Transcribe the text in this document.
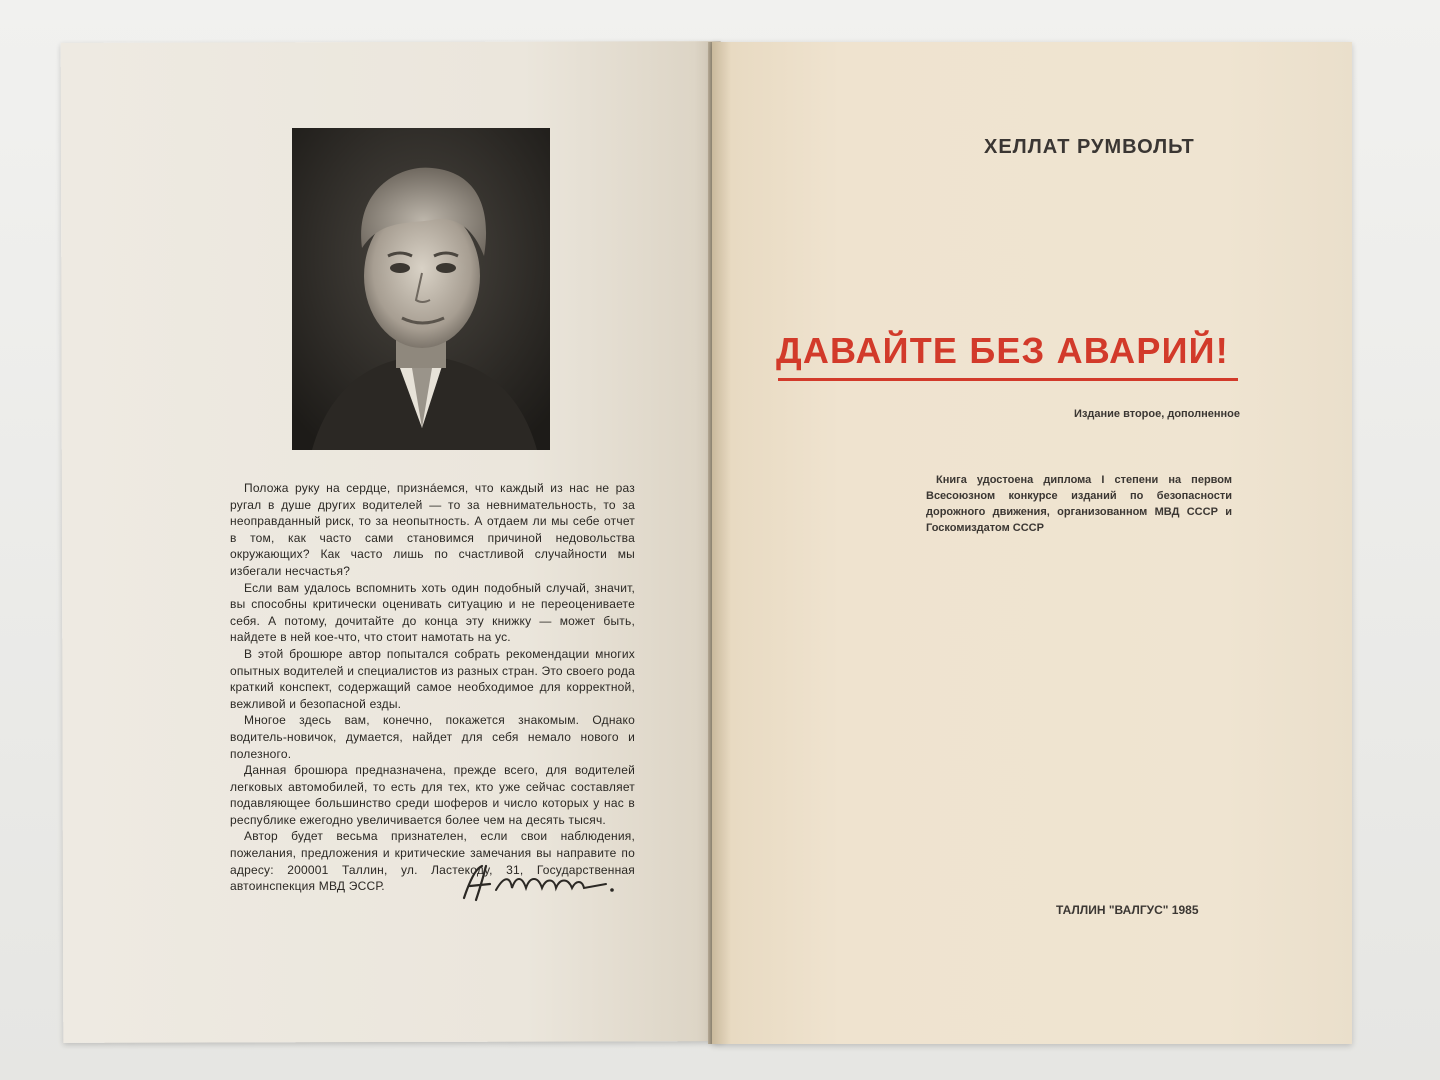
Положа руку на сердце, признáемся, что каждый из нас не раз ругал в душе других водителей — то за невнимательность, то за неоправданный риск, то за неопытность. А отдаем ли мы себе отчет в том, как часто сами становимся причиной недовольства окружающих? Как часто лишь по счастливой случайности мы избегали несчастья?

Если вам удалось вспомнить хоть один подобный случай, значит, вы способны критически оценивать ситуацию и не переоцениваете себя. А потому, дочитайте до конца эту книжку — может быть, найдете в ней кое-что, что стоит намотать на ус.

В этой брошюре автор попытался собрать рекомендации многих опытных водителей и специалистов из разных стран. Это своего рода краткий конспект, содержащий самое необходимое для корректной, вежливой и безопасной езды.

Многое здесь вам, конечно, покажется знакомым. Однако водитель-новичок, думается, найдет для себя немало нового и полезного.

Данная брошюра предназначена, прежде всего, для водителей легковых автомобилей, то есть для тех, кто уже сейчас составляет подавляющее большинство среди шоферов и число которых у нас в республике ежегодно увеличивается более чем на десять тысяч.

Автор будет весьма признателен, если свои наблюдения, пожелания, предложения и критические замечания вы направите по адресу: 200001 Таллин, ул. Ластекоду, 31, Государственная автоинспекция МВД ЭССР.

ХЕЛЛАТ РУМВОЛЬТ
ДАВАЙТЕ БЕЗ АВАРИЙ!
Издание второе, дополненное

Книга удостоена диплома I степени на первом Всесоюзном конкурсе изданий по безопасности дорожного движения, организованном МВД СССР и Госкомиздатом СССР

ТАЛЛИН "ВАЛГУС" 1985
